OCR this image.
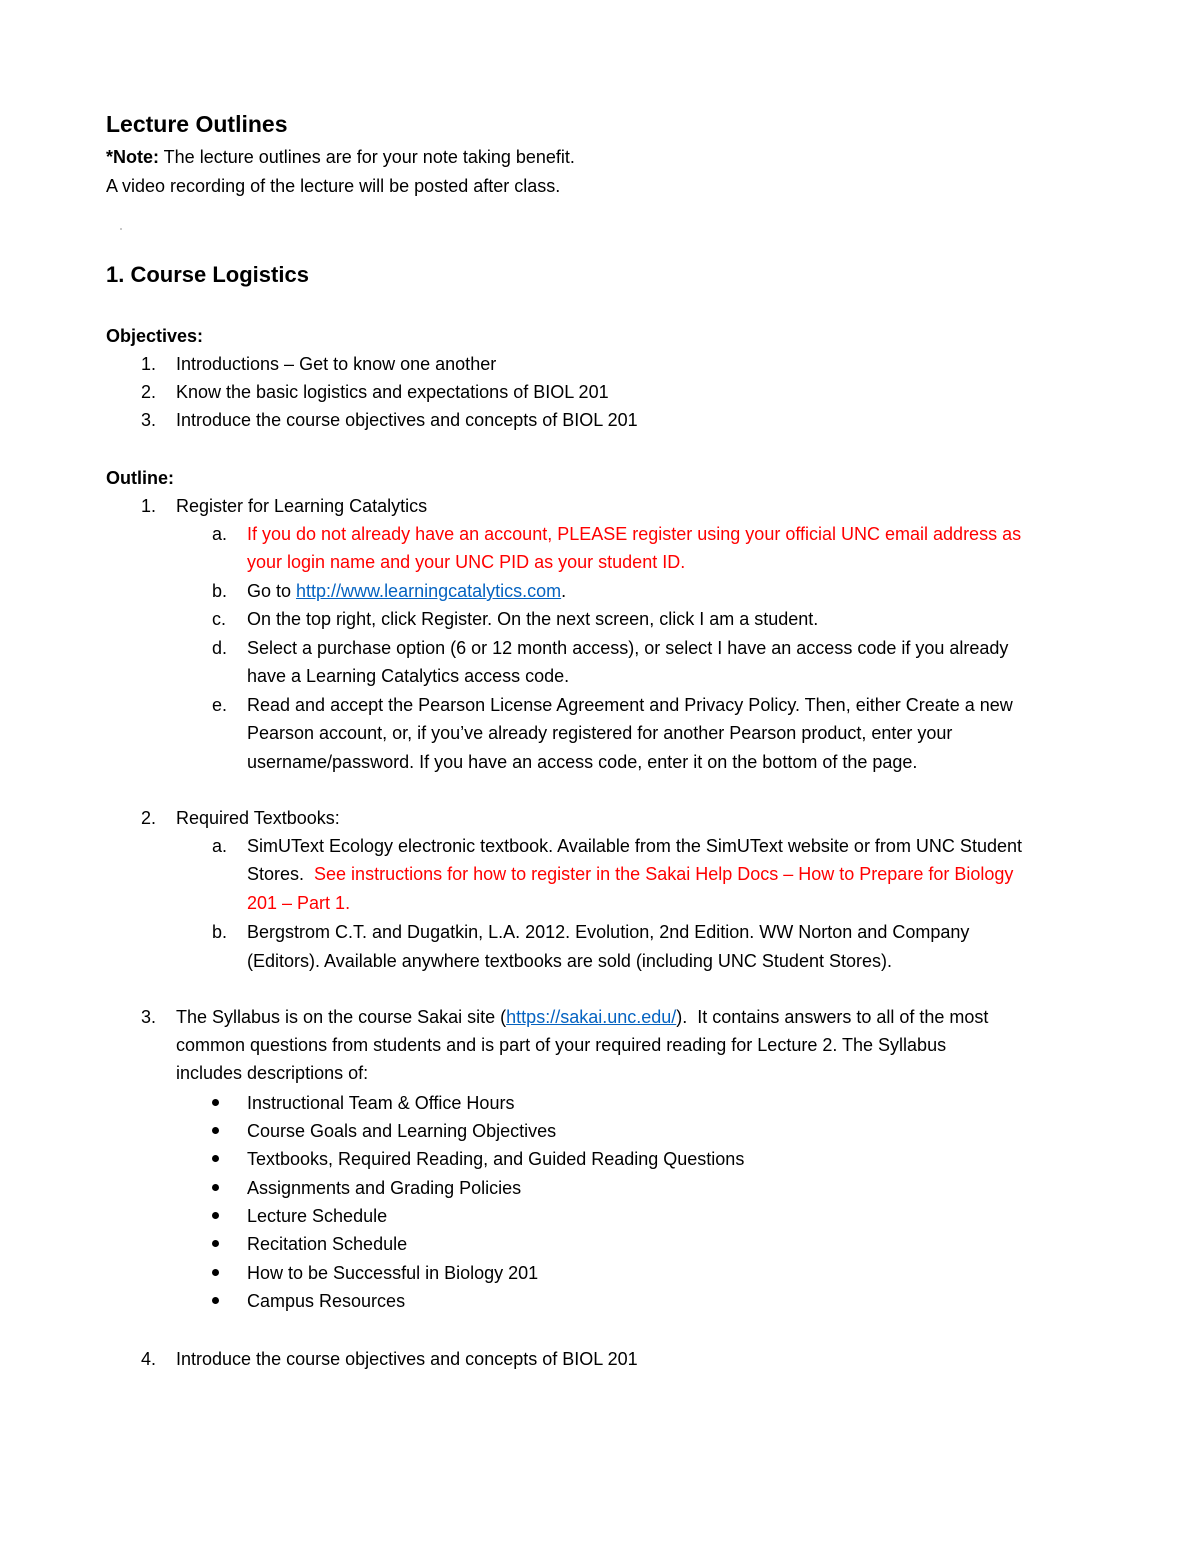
Lecture Outlines
*Note: The lecture outlines are for your note taking benefit.
A video recording of the lecture will be posted after class.
1. Course Logistics
Objectives:
1. Introductions – Get to know one another
2. Know the basic logistics and expectations of BIOL 201
3. Introduce the course objectives and concepts of BIOL 201
Outline:
1. Register for Learning Catalytics
a. If you do not already have an account, PLEASE register using your official UNC email address as
your login name and your UNC PID as your student ID.
b. Go to http://www.learningcatalytics.com.
c. On the top right, click Register. On the next screen, click I am a student.
d. Select a purchase option (6 or 12 month access), or select I have an access code if you already
have a Learning Catalytics access code.
e. Read and accept the Pearson License Agreement and Privacy Policy. Then, either Create a new
Pearson account, or, if you’ve already registered for another Pearson product, enter your
username/password. If you have an access code, enter it on the bottom of the page.
2. Required Textbooks:
a. SimUText Ecology electronic textbook. Available from the SimUText website or from UNC Student
Stores.  See instructions for how to register in the Sakai Help Docs – How to Prepare for Biology
201 – Part 1.
b. Bergstrom C.T. and Dugatkin, L.A. 2012. Evolution, 2nd Edition. WW Norton and Company
(Editors). Available anywhere textbooks are sold (including UNC Student Stores).
3. The Syllabus is on the course Sakai site (https://sakai.unc.edu/).  It contains answers to all of the most
common questions from students and is part of your required reading for Lecture 2. The Syllabus
includes descriptions of:
Instructional Team & Office Hours
Course Goals and Learning Objectives
Textbooks, Required Reading, and Guided Reading Questions
Assignments and Grading Policies
Lecture Schedule
Recitation Schedule
How to be Successful in Biology 201
Campus Resources
4. Introduce the course objectives and concepts of BIOL 201
